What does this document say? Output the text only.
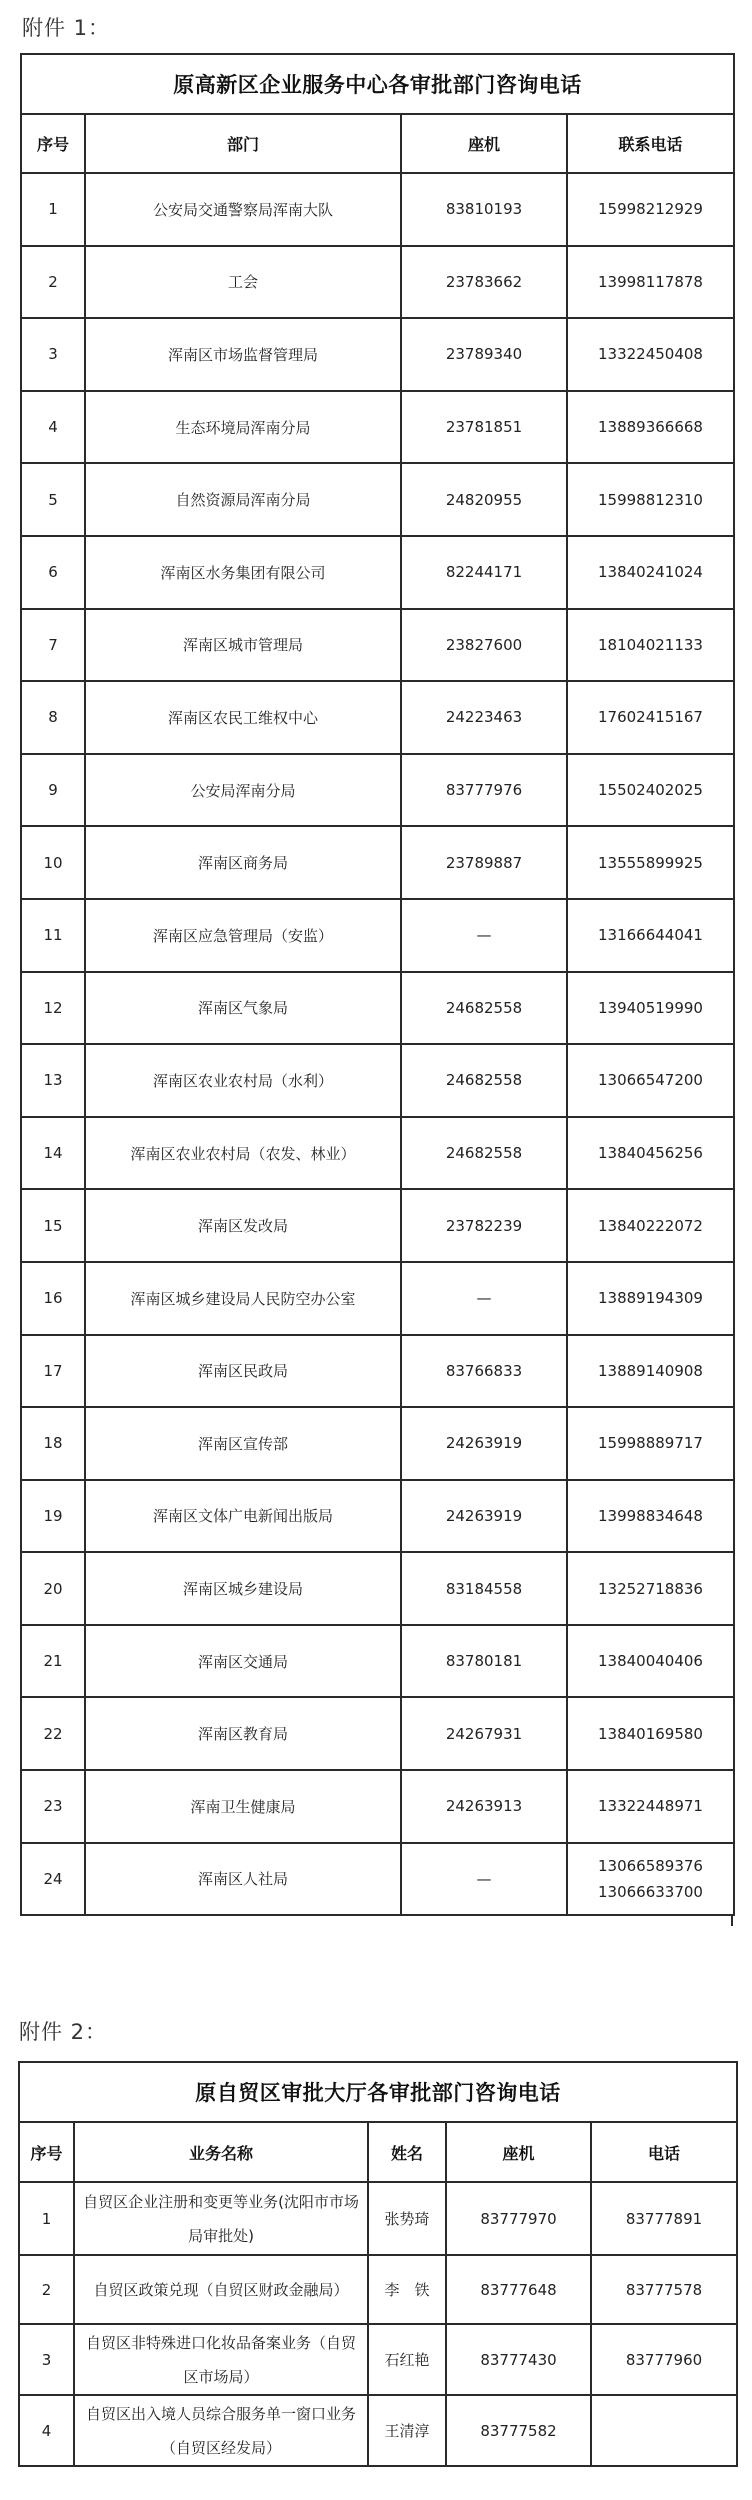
附件 1：
原高新区企业服务中心各审批部门咨询电话			
序号	部门	座机	联系电话
1	公安局交通警察局浑南大队	83810193	15998212929
2	工会	23783662	13998117878
3	浑南区市场监督管理局	23789340	13322450408
4	生态环境局浑南分局	23781851	13889366668
5	自然资源局浑南分局	24820955	15998812310
6	浑南区水务集团有限公司	82244171	13840241024
7	浑南区城市管理局	23827600	18104021133
8	浑南区农民工维权中心	24223463	17602415167
9	公安局浑南分局	83777976	15502402025
10	浑南区商务局	23789887	13555899925
11	浑南区应急管理局（安监）	—	13166644041
12	浑南区气象局	24682558	13940519990
13	浑南区农业农村局（水利）	24682558	13066547200
14	浑南区农业农村局（农发、林业）	24682558	13840456256
15	浑南区发改局	23782239	13840222072
16	浑南区城乡建设局人民防空办公室	—	13889194309
17	浑南区民政局	83766833	13889140908
18	浑南区宣传部	24263919	15998889717
19	浑南区文体广电新闻出版局	24263919	13998834648
20	浑南区城乡建设局	83184558	13252718836
21	浑南区交通局	83780181	13840040406
22	浑南区教育局	24267931	13840169580
23	浑南卫生健康局	24263913	13322448971
24	浑南区人社局	—	13066589376
13066633700
附件 2：
原自贸区审批大厅各审批部门咨询电话				
序号	业务名称	姓名	座机	电话
1	自贸区企业注册和变更等业务(沈阳市市场局审批处)	张势琦	83777970	83777891
2	自贸区政策兑现（自贸区财政金融局）	李　铁	83777648	83777578
3	自贸区非特殊进口化妆品备案业务（自贸区市场局）	石红艳	83777430	83777960
4	自贸区出入境人员综合服务单一窗口业务（自贸区经发局）	王清淳	83777582	
